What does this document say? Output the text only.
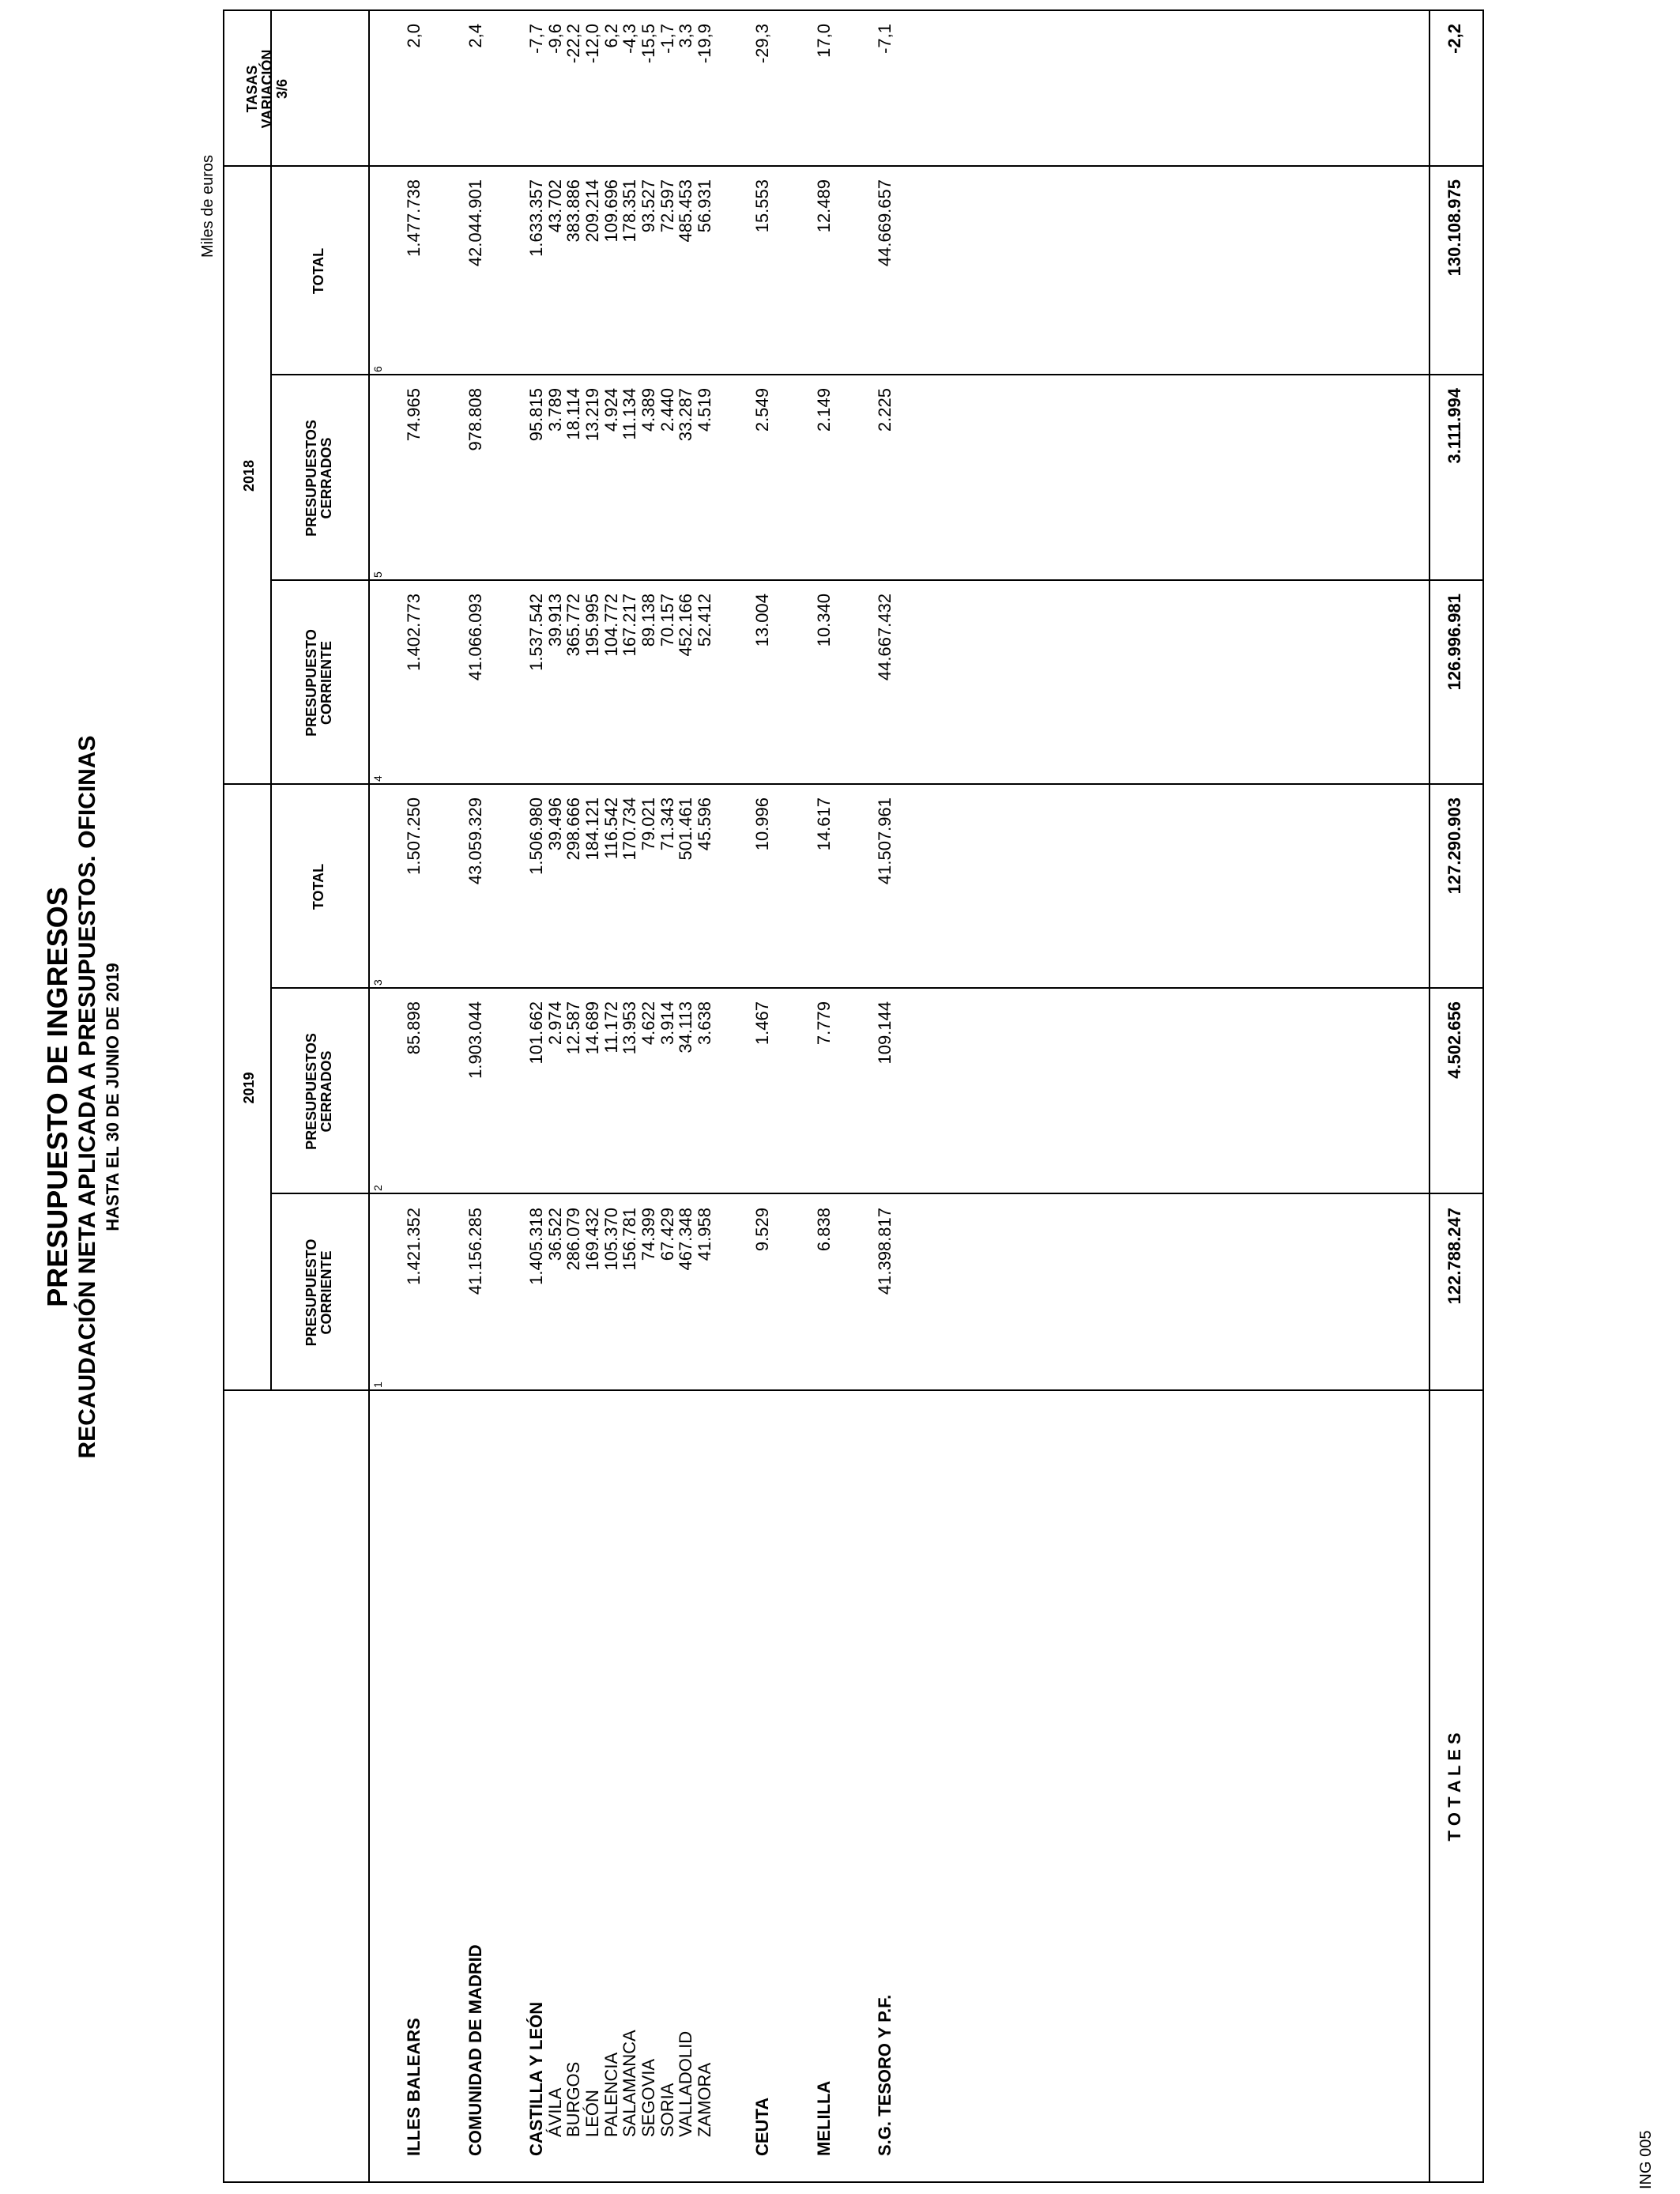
PRESUPUESTO DE INGRESOS RECAUDACIÓN NETA APLICADA A PRESUPUESTOS. OFICINAS HASTA EL 30 DE JUNIO DE 2019
Miles de euros
ING 005
2019
2018
PRESUPUESTO CORRIENTE
PRESUPUESTOS CERRADOS
TOTAL
PRESUPUESTO CORRIENTE
PRESUPUESTOS CERRADOS
TOTAL
TASAS VARIACIÓN 3/6
1
2
3
4
5
6
ILLES BALEARS
1.421.352
85.898
1.507.250
1.402.773
74.965
1.477.738
2,0
COMUNIDAD DE MADRID
41.156.285
1.903.044
43.059.329
41.066.093
978.808
42.044.901
2,4
CASTILLA Y LEÓN
1.405.318
101.662
1.506.980
1.537.542
95.815
1.633.357
-7,7
ÁVILA
36.522
2.974
39.496
39.913
3.789
43.702
-9,6
BURGOS
286.079
12.587
298.666
365.772
18.114
383.886
-22,2
LEÓN
169.432
14.689
184.121
195.995
13.219
209.214
-12,0
PALENCIA
105.370
11.172
116.542
104.772
4.924
109.696
6,2
SALAMANCA
156.781
13.953
170.734
167.217
11.134
178.351
-4,3
SEGOVIA
74.399
4.622
79.021
89.138
4.389
93.527
-15,5
SORIA
67.429
3.914
71.343
70.157
2.440
72.597
-1,7
VALLADOLID
467.348
34.113
501.461
452.166
33.287
485.453
3,3
ZAMORA
41.958
3.638
45.596
52.412
4.519
56.931
-19,9
CEUTA
9.529
1.467
10.996
13.004
2.549
15.553
-29,3
MELILLA
6.838
7.779
14.617
10.340
2.149
12.489
17,0
S.G. TESORO Y P.F.
41.398.817
109.144
41.507.961
44.667.432
2.225
44.669.657
-7,1
T O T A L E S
122.788.247
4.502.656
127.290.903
126.996.981
3.111.994
130.108.975
-2,2
